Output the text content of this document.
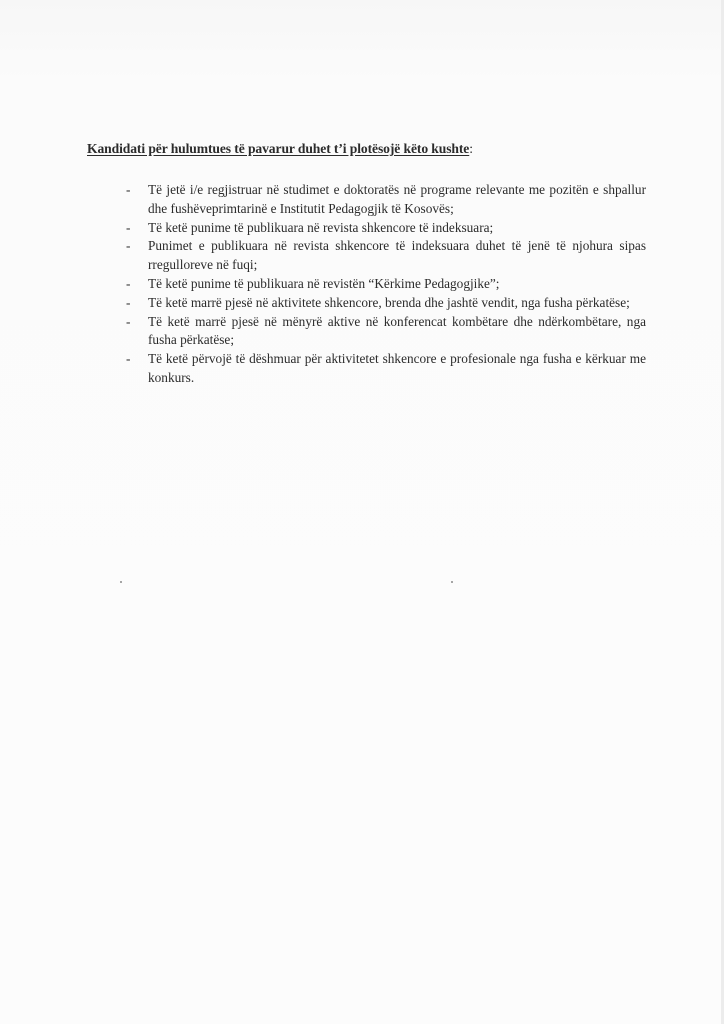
Kandidati për hulumtues të pavarur duhet t’i plotësojë këto kushte:
-	Të jetë i/e regjistruar në studimet e doktoratës në programe relevante me pozitën e shpallur dhe fushëveprimtarinë e Institutit Pedagogjik të Kosovës;
-	Të ketë punime të publikuara në revista shkencore të indeksuara;
-	Punimet e publikuara në revista shkencore të indeksuara duhet të jenë të njohura sipas rregulloreve në fuqi;
-	Të ketë punime të publikuara në revistën “Kërkime Pedagogjike”;
-	Të ketë marrë pjesë në aktivitete shkencore, brenda dhe jashtë vendit, nga fusha përkatëse;
-	Të ketë marrë pjesë në mënyrë aktive në konferencat kombëtare dhe ndërkombëtare, nga fusha përkatëse;
-	Të ketë përvojë të dëshmuar për aktivitetet shkencore e profesionale nga fusha e kërkuar me konkurs.
